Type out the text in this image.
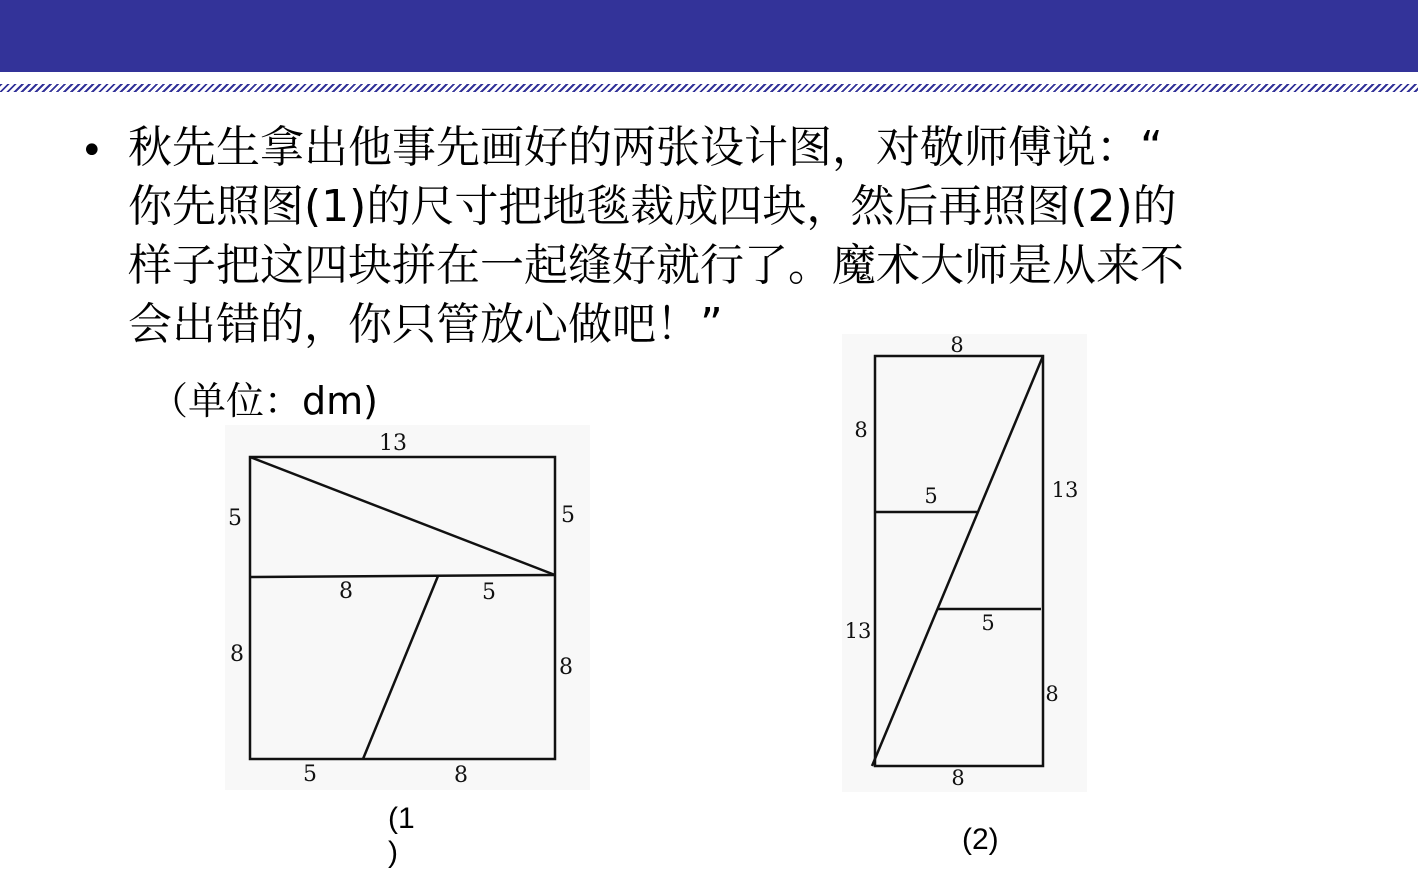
• 秋先生拿出他事先画好的两张设计图，对敬师傅说：“
你先照图(1)的尺寸把地毯裁成四块，然后再照图(2)的
样子把这四块拼在一起缝好就行了。魔术大师是从来不
会出错的，你只管放心做吧！”
（单位：dm)
13
5	5
8	5
8
8
5	8
(1
)
8
8
13
5
13	5
8
8
(2)
